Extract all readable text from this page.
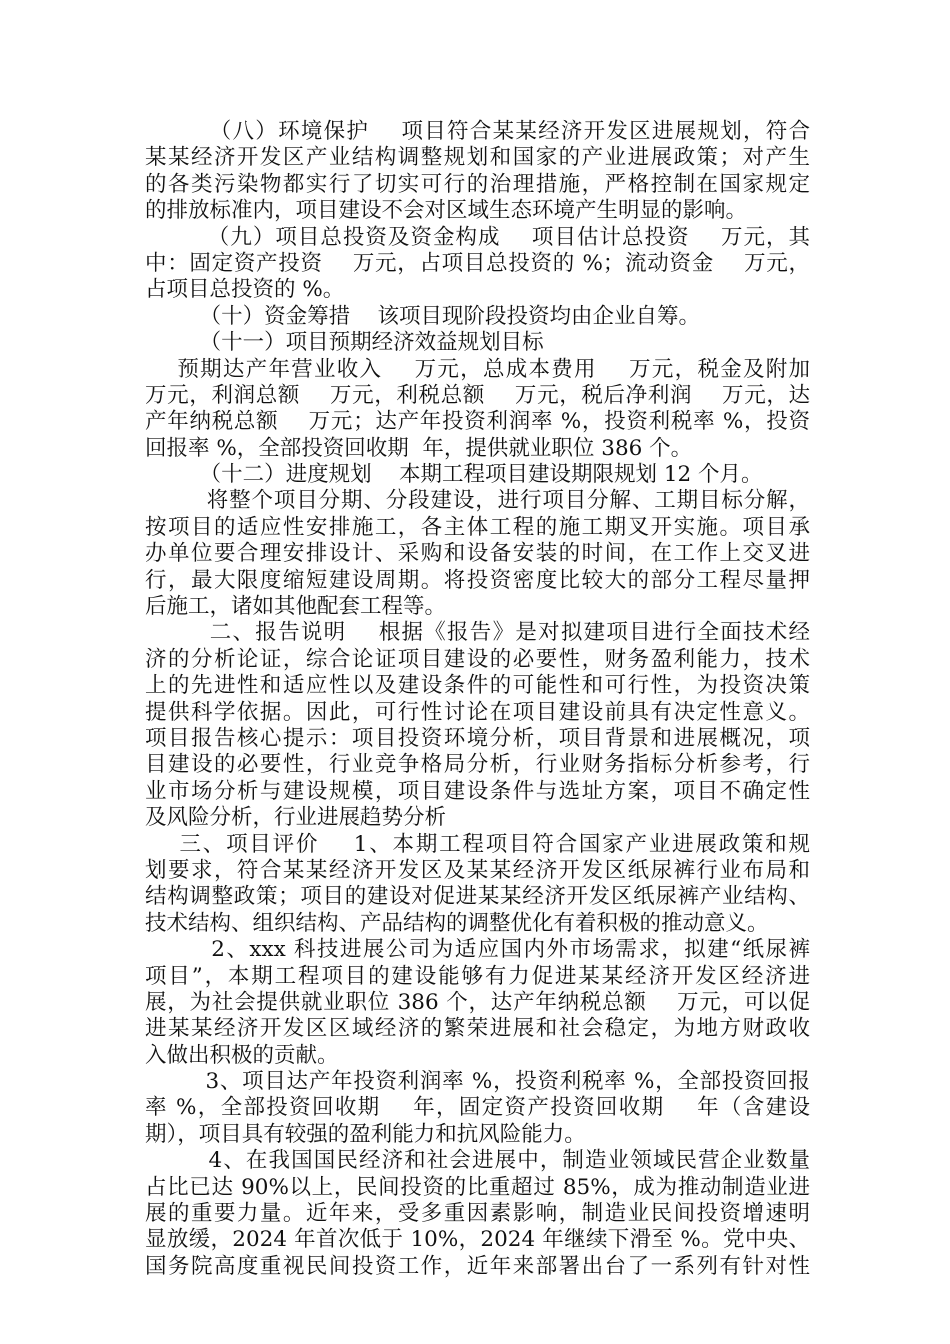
（八）环境保护    项目符合某某经济开发区进展规划，符合
某某经济开发区产业结构调整规划和国家的产业进展政策；对产生
的各类污染物都实行了切实可行的治理措施，严格控制在国家规定
的排放标准内，项目建设不会对区域生态环境产生明显的影响。
（九）项目总投资及资金构成    项目估计总投资    万元，其
中：固定资产投资    万元，占项目总投资的 %；流动资金    万元，
占项目总投资的 %。
（十）资金筹措    该项目现阶段投资均由企业自筹。
（十一）项目预期经济效益规划目标
预期达产年营业收入    万元，总成本费用    万元，税金及附加
万元，利润总额    万元，利税总额    万元，税后净利润    万元，达
产年纳税总额    万元；达产年投资利润率 %，投资利税率 %，投资
回报率 %，全部投资回收期  年，提供就业职位 386 个。
（十二）进度规划    本期工程项目建设期限规划 12 个月。
将整个项目分期、分段建设，进行项目分解、工期目标分解，
按项目的适应性安排施工，各主体工程的施工期叉开实施。项目承
办单位要合理安排设计、采购和设备安装的时间，在工作上交叉进
行，最大限度缩短建设周期。将投资密度比较大的部分工程尽量押
后施工，诸如其他配套工程等。
二、报告说明    根据《报告》是对拟建项目进行全面技术经
济的分析论证，综合论证项目建设的必要性，财务盈利能力，技术
上的先进性和适应性以及建设条件的可能性和可行性，为投资决策
提供科学依据。因此，可行性讨论在项目建设前具有决定性意义。
项目报告核心提示：项目投资环境分析，项目背景和进展概况，项
目建设的必要性，行业竞争格局分析，行业财务指标分析参考，行
业市场分析与建设规模，项目建设条件与选址方案，项目不确定性
及风险分析，行业进展趋势分析
三、项目评价    1、本期工程项目符合国家产业进展政策和规
划要求，符合某某经济开发区及某某经济开发区纸尿裤行业布局和
结构调整政策；项目的建设对促进某某经济开发区纸尿裤产业结构、
技术结构、组织结构、产品结构的调整优化有着积极的推动意义。
2、xxx 科技进展公司为适应国内外市场需求，拟建“纸尿裤
项目”，本期工程项目的建设能够有力促进某某经济开发区经济进
展，为社会提供就业职位 386 个，达产年纳税总额    万元，可以促
进某某经济开发区区域经济的繁荣进展和社会稳定，为地方财政收
入做出积极的贡献。
3、项目达产年投资利润率 %，投资利税率 %，全部投资回报
率 %，全部投资回收期    年，固定资产投资回收期    年（含建设
期），项目具有较强的盈利能力和抗风险能力。
4、在我国国民经济和社会进展中，制造业领域民营企业数量
占比已达 90%以上，民间投资的比重超过 85%，成为推动制造业进
展的重要力量。近年来，受多重因素影响，制造业民间投资增速明
显放缓，2024 年首次低于 10%，2024 年继续下滑至 %。党中央、
国务院高度重视民间投资工作，近年来部署出台了一系列有针对性
